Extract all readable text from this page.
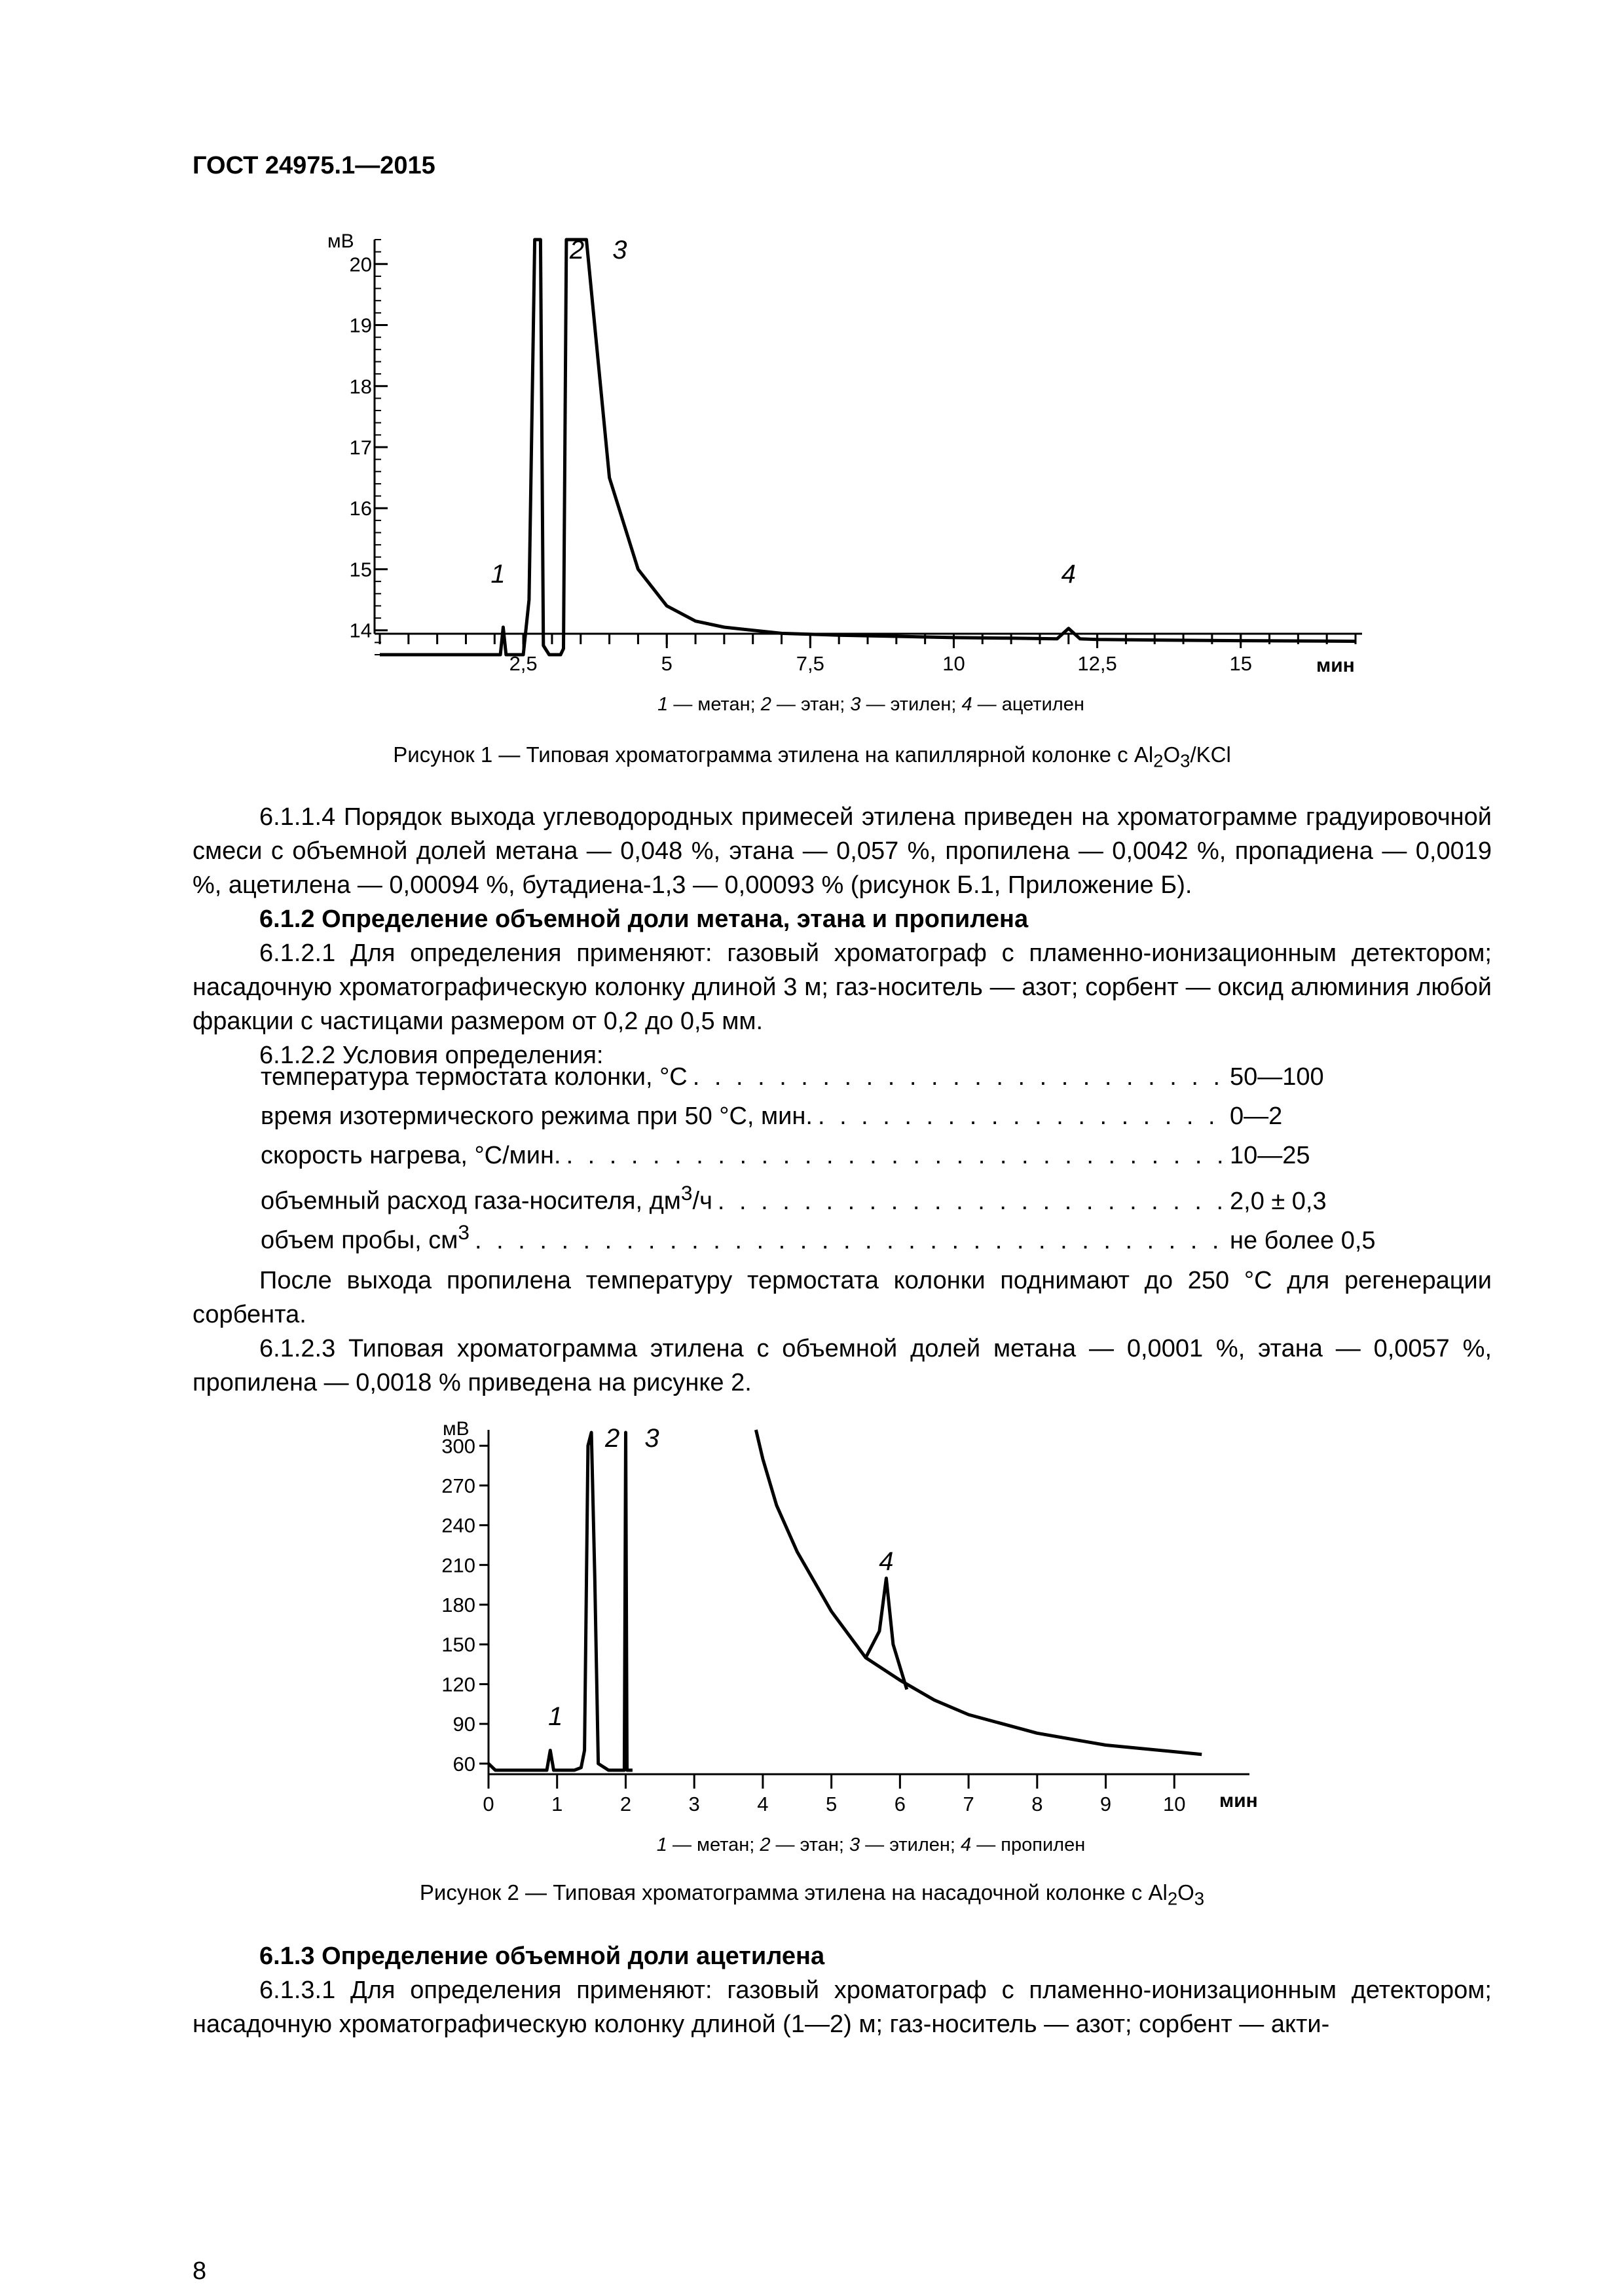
ГОСТ 24975.1—2015
мВ
мин
14
15
16
17
18
19
20
2,5	5	7,5	10	12,5	15
1
2 3
4
1 — метан; 2 — этан; 3 — этилен; 4 — ацетилен
Рисунок 1 — Типовая хроматограмма этилена на капиллярной колонке с $Al_2O_3$/KCl
6.1.1.4 Порядок выхода углеводородных примесей этилена приведен на хроматограмме градуировочной смеси с объемной долей метана — 0,048 %, этана — 0,057 %, пропилена — 0,0042 %, пропадиена — 0,0019 %, ацетилена — 0,00094 %, бутадиена-1,3 — 0,00093 % (рисунок Б.1, Приложение Б).
6.1.2 Определение объемной доли метана, этана и пропилена
6.1.2.1 Для определения применяют: газовый хроматограф с пламенно-ионизационным детектором; насадочную хроматографическую колонку длиной 3 м; газ-носитель — азот; сорбент — оксид алюминия любой фракции с частицами размером от 0,2 до 0,5 мм.
6.1.2.2 Условия определения:
температура термостата колонки, °С . . .	50—100
время изотермического режима при 50 °С, мин. . . .	0—2
скорость нагрева, °С/мин. . . .	10—25
объемный расход газа-носителя, $дм^3/ч$ . . .	2,0 ± 0,3
объем пробы, $см^3$ . . .	не более 0,5
После выхода пропилена температуру термостата колонки поднимают до 250 °С для регенерации сорбента.
6.1.2.3 Типовая хроматограмма этилена с объемной долей метана — 0,0001 %, этана — 0,0057 %, пропилена — 0,0018 % приведена на рисунке 2.
мВ
мин
60
90
120
150
180
210
240
270
300
0	1	2	3	4	5	6	7	8	9	10
1
2 3
4
1 — метан; 2 — этан; 3 — этилен; 4 — пропилен
Рисунок 2 — Типовая хроматограмма этилена на насадочной колонке с $Al_2O_3$
6.1.3 Определение объемной доли ацетилена
6.1.3.1 Для определения применяют: газовый хроматограф с пламенно-ионизационным детектором; насадочную хроматографическую колонку длиной (1—2) м; газ-носитель — азот; сорбент — акти-
8
